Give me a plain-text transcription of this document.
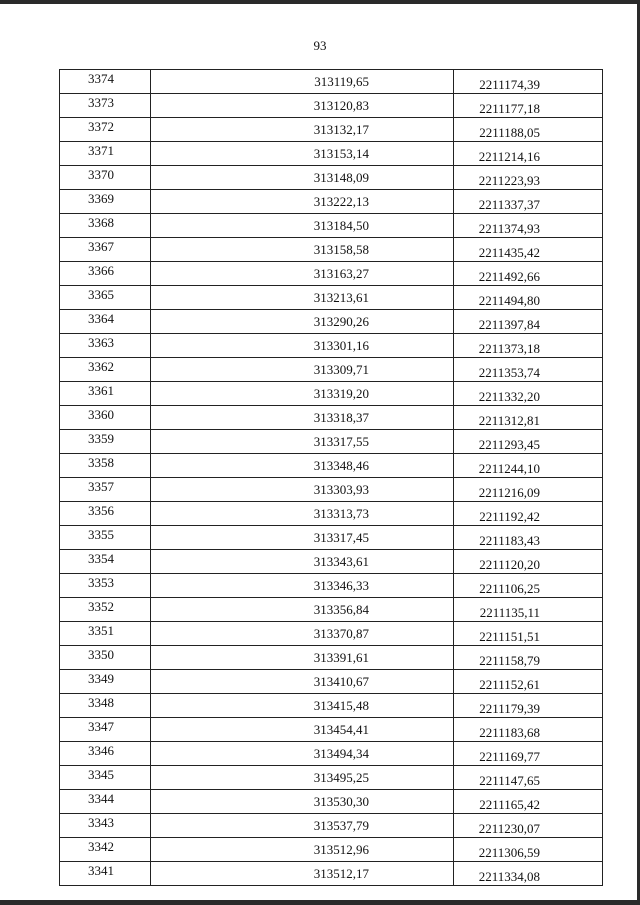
93
3374	313119,65	2211174,39
3373	313120,83	2211177,18
3372	313132,17	2211188,05
3371	313153,14	2211214,16
3370	313148,09	2211223,93
3369	313222,13	2211337,37
3368	313184,50	2211374,93
3367	313158,58	2211435,42
3366	313163,27	2211492,66
3365	313213,61	2211494,80
3364	313290,26	2211397,84
3363	313301,16	2211373,18
3362	313309,71	2211353,74
3361	313319,20	2211332,20
3360	313318,37	2211312,81
3359	313317,55	2211293,45
3358	313348,46	2211244,10
3357	313303,93	2211216,09
3356	313313,73	2211192,42
3355	313317,45	2211183,43
3354	313343,61	2211120,20
3353	313346,33	2211106,25
3352	313356,84	2211135,11
3351	313370,87	2211151,51
3350	313391,61	2211158,79
3349	313410,67	2211152,61
3348	313415,48	2211179,39
3347	313454,41	2211183,68
3346	313494,34	2211169,77
3345	313495,25	2211147,65
3344	313530,30	2211165,42
3343	313537,79	2211230,07
3342	313512,96	2211306,59
3341	313512,17	2211334,08
